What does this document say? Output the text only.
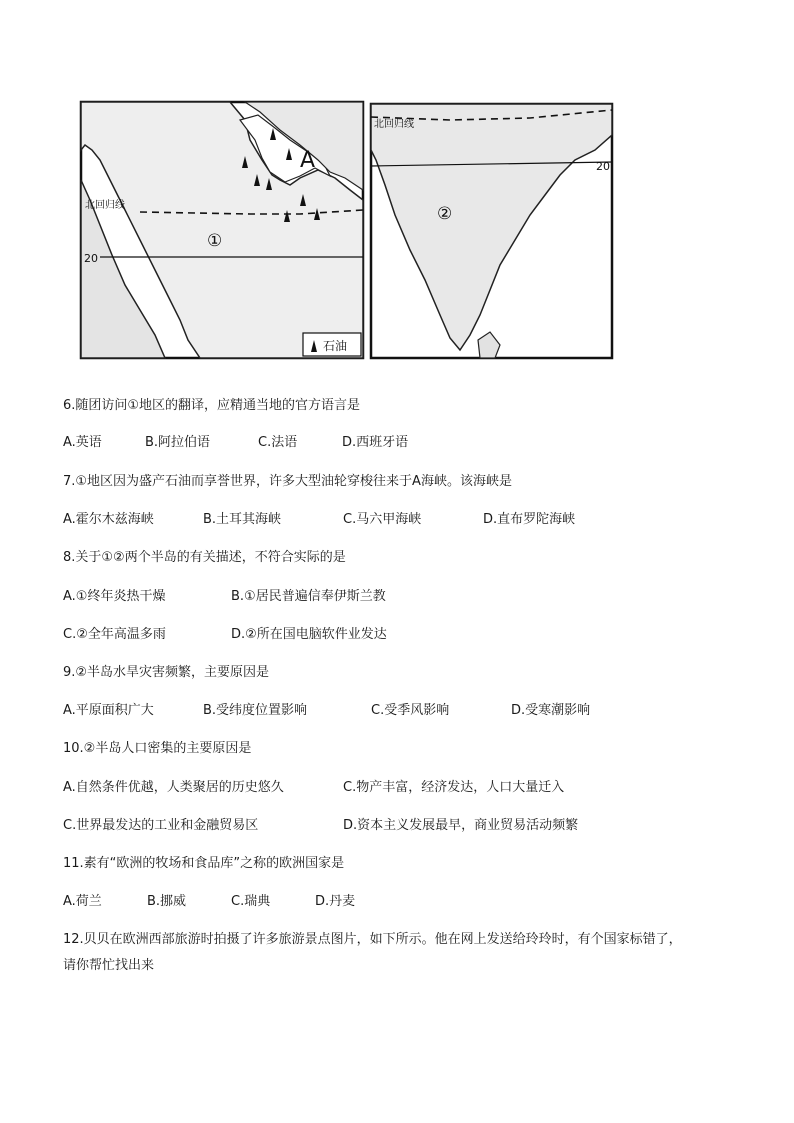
北回归线
20
①
A
石油
北回归线
20
②
6.随团访问①地区的翻译，应精通当地的官方语言是
A.英语	B.阿拉伯语	C.法语	D.西班牙语
7.①地区因为盛产石油而享誉世界，许多大型油轮穿梭往来于A海峡。该海峡是
A.霍尔木兹海峡	B.土耳其海峡	C.马六甲海峡	D.直布罗陀海峡
8.关于①②两个半岛的有关描述，不符合实际的是
A.①终年炎热干燥	B.①居民普遍信奉伊斯兰教
C.②全年高温多雨	D.②所在国电脑软件业发达
9.②半岛水旱灾害频繁，主要原因是
A.平原面积广大	B.受纬度位置影响	C.受季风影响	D.受寒潮影响
10.②半岛人口密集的主要原因是
A.自然条件优越，人类聚居的历史悠久	C.物产丰富，经济发达，人口大量迁入
C.世界最发达的工业和金融贸易区	D.资本主义发展最早，商业贸易活动频繁
11.素有“欧洲的牧场和食品库”之称的欧洲国家是
A.荷兰	B.挪威	C.瑞典	D.丹麦
12.贝贝在欧洲西部旅游时拍摄了许多旅游景点图片，如下所示。他在网上发送给玲玲时，有个国家标错了，
请你帮忙找出来
